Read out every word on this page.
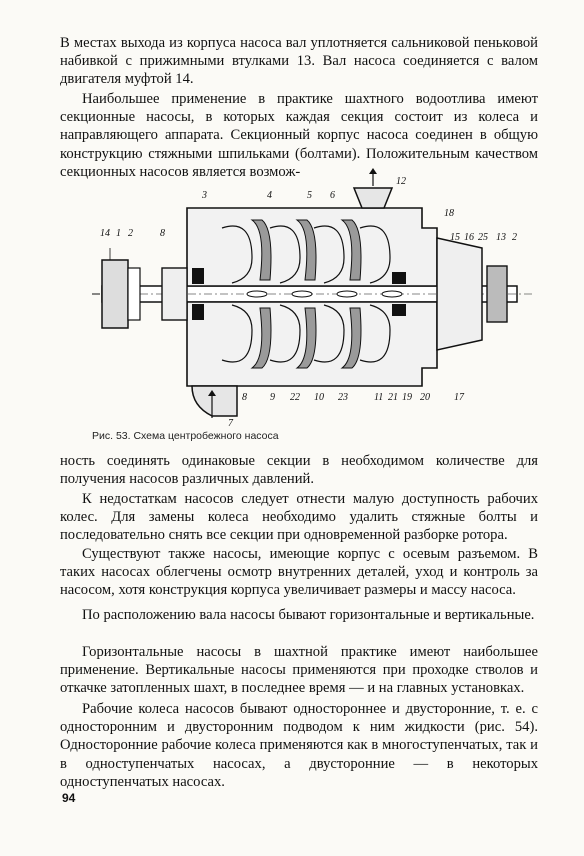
В местах выхода из корпуса насоса вал уплотняется сальниковой пеньковой набивкой с прижимными втулками 13. Вал насоса соединяется с валом двигателя муфтой 14.

Наибольшее применение в практике шахтного водоотлива имеют секционные насосы, в которых каждая секция состоит из колеса и направляющего аппарата. Секционный корпус насоса соединен в общую конструкцию стяжными шпильками (болтами). Положительным качеством секционных насосов является возмож-

14 1 2	8
3	4	5 6
12
18
15 16 25 13 2
7
8 9 22 10 23	11 21 19 20 17
Рис. 53. Схема центробежного насоса

ность соединять одинаковые секции в необходимом количестве для получения насосов различных давлений.

К недостаткам насосов следует отнести малую доступность рабочих колес. Для замены колеса необходимо удалить стяжные болты и последовательно снять все секции при одновременной разборке ротора.

Существуют также насосы, имеющие корпус с осевым разъемом. В таких насосах облегчены осмотр внутренних деталей, уход и контроль за насосом, хотя конструкция корпуса увеличивает размеры и массу насоса.

По расположению вала насосы бывают горизонтальные и вертикальные.

Горизонтальные насосы в шахтной практике имеют наибольшее применение. Вертикальные насосы применяются при проходке стволов и откачке затопленных шахт, в последнее время — и на главных установках.

Рабочие колеса насосов бывают одностороннее и двусторонние, т. е. с односторонним и двусторонним подводом к ним жидкости (рис. 54). Односторонние рабочие колеса применяются как в многоступенчатых, так и в одноступенчатых насосах, а двусторонние — в некоторых одноступенчатых насосах.

94
